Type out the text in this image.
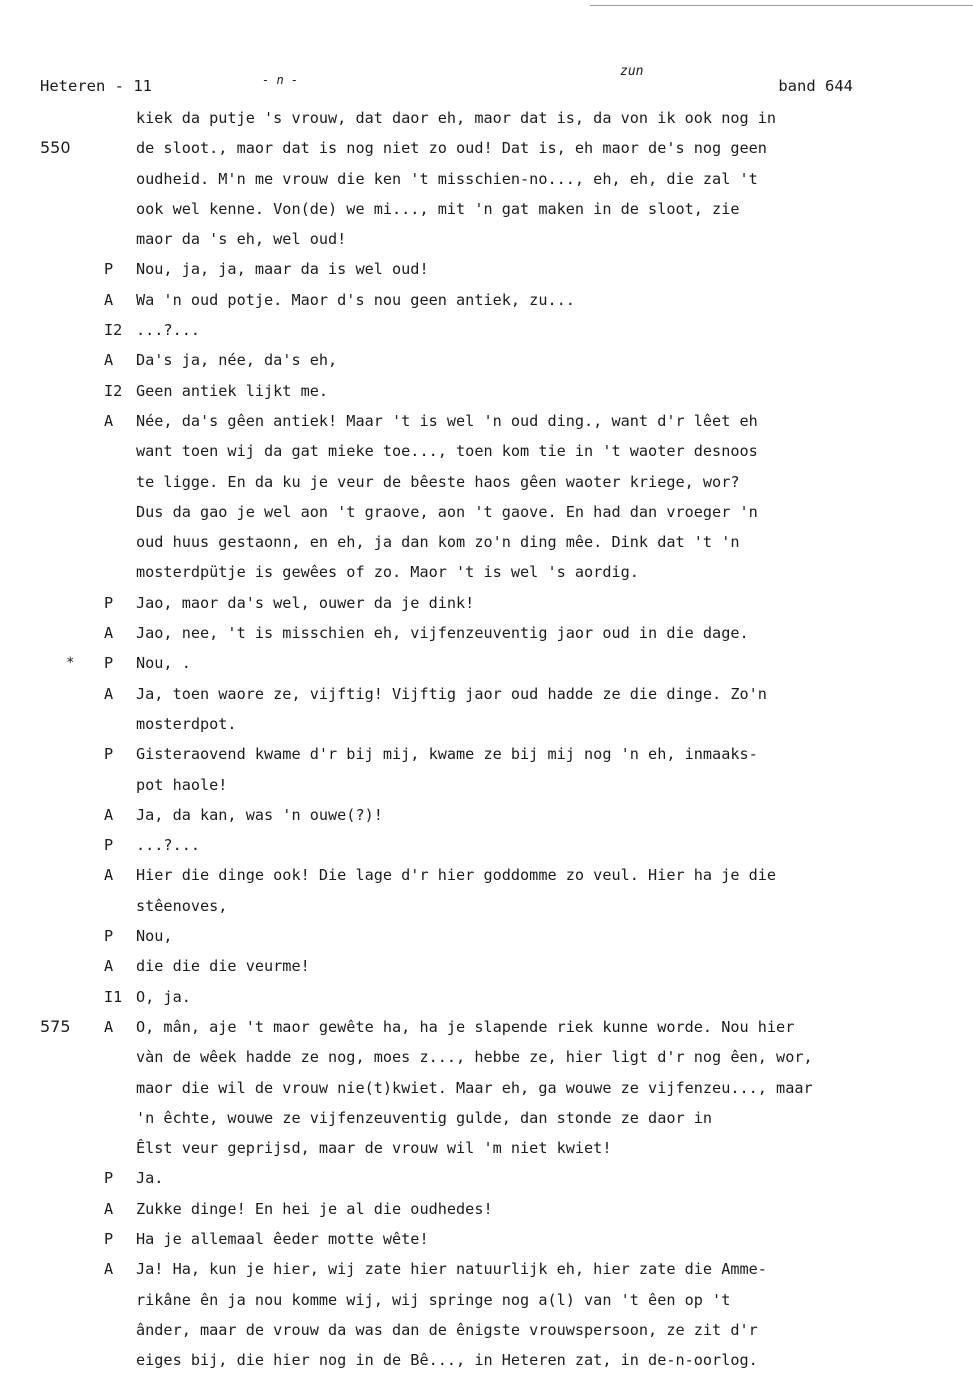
Heteren - 11	- n -
zun
band 644
kiek da putje 's vrouw, dat daor eh, maor dat is, da von ik ook nog in
550	de sloot., maor dat is nog niet zo oud! Dat is, eh maor de's nog geen
oudheid. M'n me vrouw die ken 't misschien-no..., eh, eh, die zal 't
ook wel kenne. Von(de) we mi..., mit 'n gat maken in de sloot, zie
maor da 's eh, wel oud!
P Nou, ja, ja, maar da is wel oud!
A Wa 'n oud potje. Maor d's nou geen antiek, zu...
I2 ...?...
A Da's ja, née, da's eh,
I2 Geen antiek lijkt me.
A Née, da's gêen antiek! Maar 't is wel 'n oud ding., want d'r lêet eh
want toen wij da gat mieke toe..., toen kom tie in 't waoter desnoos
te ligge. En da ku je veur de bêeste haos gêen waoter kriege, wor?
Dus da gao je wel aon 't graove, aon 't gaove. En had dan vroeger 'n
oud huus gestaonn, en eh, ja dan kom zo'n ding mêe. Dink dat 't 'n
mosterdpütje is gewêes of zo. Maor 't is wel 's aordig.
P Jao, maor da's wel, ouwer da je dink!
A Jao, nee, 't is misschien eh, vijfenzeuventig jaor oud in die dage.
* P Nou, .
A Ja, toen waore ze, vijftig! Vijftig jaor oud hadde ze die dinge. Zo'n
mosterdpot.
P Gisteraovend kwame d'r bij mij, kwame ze bij mij nog 'n eh, inmaaks-
pot haole!
A Ja, da kan, was 'n ouwe(?)!
P ...?...
A Hier die dinge ook! Die lage d'r hier goddomme zo veul. Hier ha je die
stêenoves,
P Nou,
A die die die veurme!
I1 O, ja.
575 A O, mân, aje 't maor gewête ha, ha je slapende riek kunne worde. Nou hier
vàn de wêek hadde ze nog, moes z..., hebbe ze, hier ligt d'r nog êen, wor,
maor die wil de vrouw nie(t)kwiet. Maar eh, ga wouwe ze vijfenzeu..., maar
'n êchte, wouwe ze vijfenzeuventig gulde, dan stonde ze daor in
Êlst veur geprijsd, maar de vrouw wil 'm niet kwiet!
P Ja.
A Zukke dinge! En hei je al die oudhedes!
P Ha je allemaal êeder motte wête!
A Ja! Ha, kun je hier, wij zate hier natuurlijk eh, hier zate die Amme-
rikâne ên ja nou komme wij, wij springe nog a(l) van 't êen op 't
ânder, maar de vrouw da was dan de ênigste vrouwspersoon, ze zit d'r
eiges bij, die hier nog in de Bê..., in Heteren zat, in de-n-oorlog.
